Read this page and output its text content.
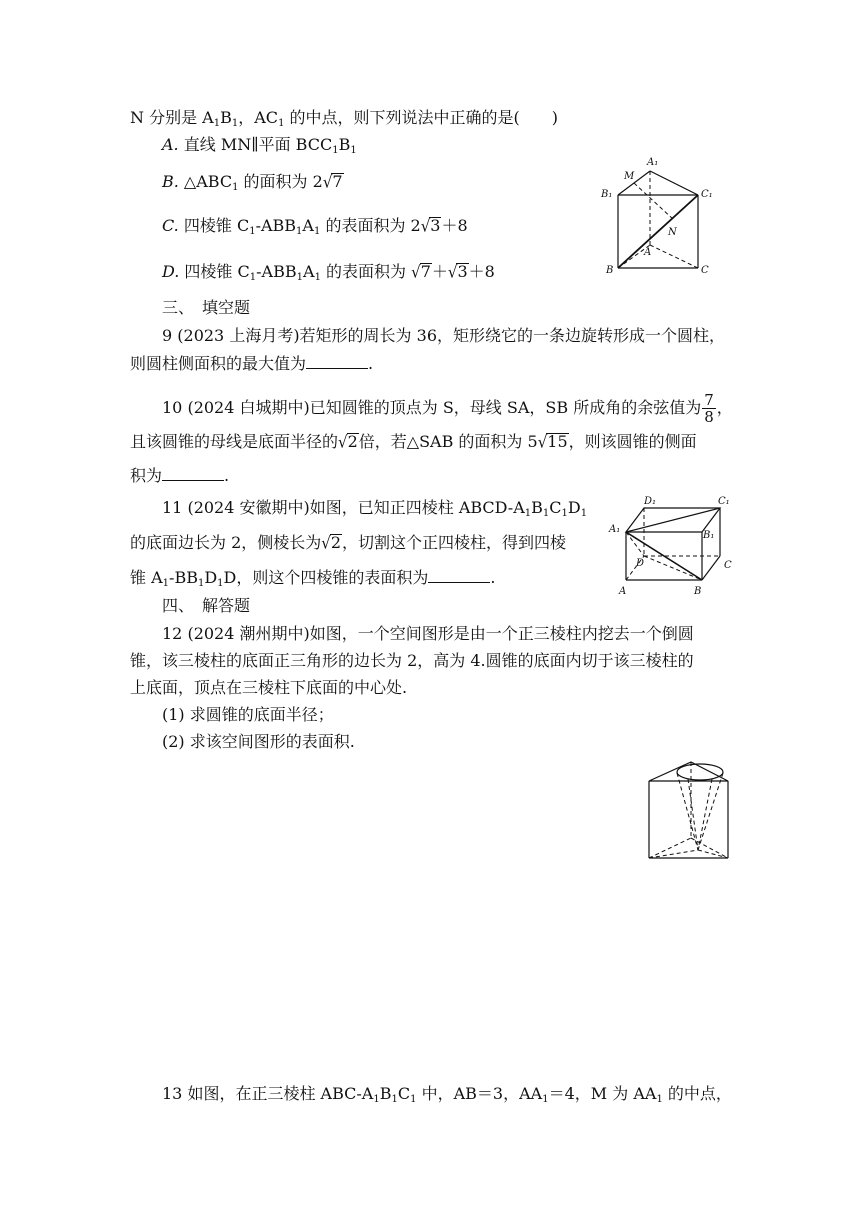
N 分别是 $A_1B_1$，$AC_1$ 的中点，则下列说法中正确的是(　　)
A. 直线 MN∥平面 $BCC_1B_1$
B. $\triangle ABC_1$ 的面积为 2√7
C. 四棱锥 $C_1-ABB_1A_1$ 的表面积为 2√3＋8
D. 四棱锥 $C_1-ABB_1A_1$ 的表面积为 √7＋√3＋8
M
A₁
B₁	C₁
N
A
B	C
三、　填空题
9 (2023 上海月考)若矩形的周长为 36，矩形绕它的一条边旋转形成一个圆柱，
则圆柱侧面积的最大值为	.
10 (2024 白城期中)已知圆锥的顶点为 S，母线 SA，SB 所成角的余弦值为 $\frac{7}{8}$ ，
且该圆锥的母线是底面半径的√2倍，若△SAB 的面积为 5√15，则该圆锥的侧面
积为	.
11 (2024 安徽期中)如图，已知正四棱柱 ABCD-$A_1B_1C_1D_1$
的底面边长为 2，侧棱长为√2，切割这个正四棱柱，得到四棱
锥 $A_1-BB_1D_1D$，则这个四棱锥的表面积为	.
D₁	C₁
A₁
B₁
D	C
A	B
四、　解答题
12 (2024 潮州期中)如图，一个空间图形是由一个正三棱柱内挖去一个倒圆
锥，该三棱柱的底面正三角形的边长为 2，高为 4.圆锥的底面内切于该三棱柱的
上底面，顶点在三棱柱下底面的中心处.
(1) 求圆锥的底面半径；
(2) 求该空间图形的表面积.
13 如图，在正三棱柱 ABC-$A_1B_1C_1$ 中，AB＝3，$AA_1=4$，M 为 $AA_1$ 的中点，
